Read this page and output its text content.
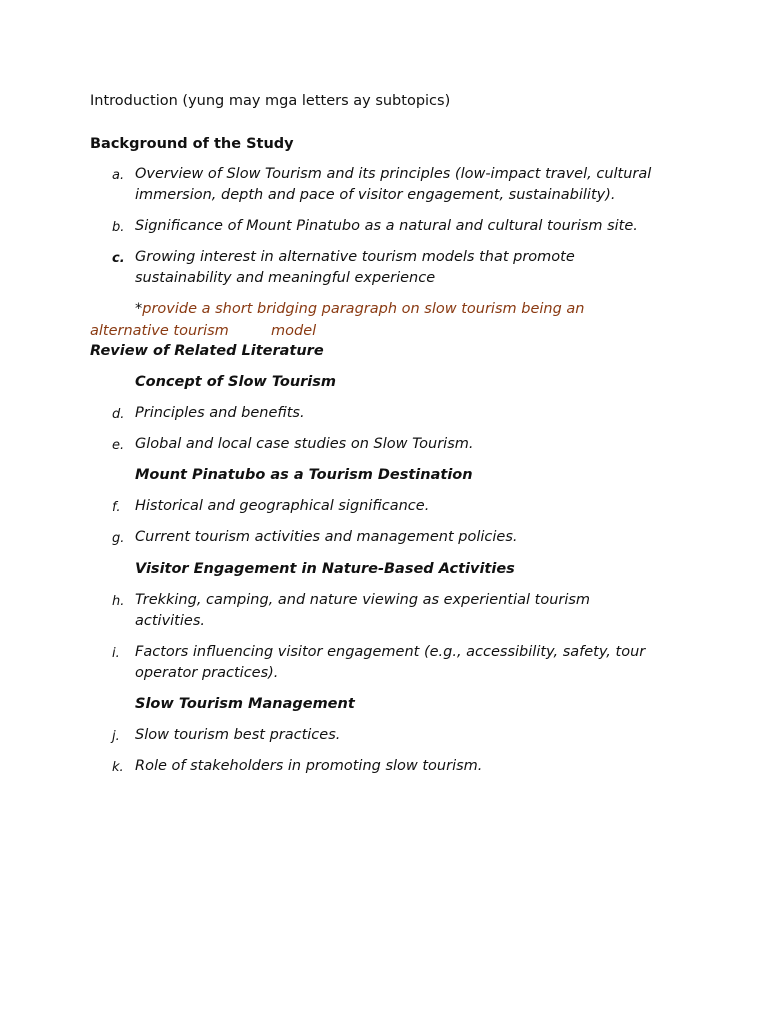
Introduction (yung may mga letters ay subtopics)
Background of the Study
a. Overview of Slow Tourism and its principles (low-impact travel, cultural immersion, depth and pace of visitor engagement, sustainability).
b. Significance of Mount Pinatubo as a natural and cultural tourism site.
c. Growing interest in alternative tourism models that promote sustainability and meaningful experience
*provide a short bridging paragraph on slow tourism being an
alternative tourism	model
Review of Related Literature
Concept of Slow Tourism
d. Principles and benefits.
e. Global and local case studies on Slow Tourism.
Mount Pinatubo as a Tourism Destination
f. Historical and geographical significance.
g. Current tourism activities and management policies.
Visitor Engagement in Nature-Based Activities
h. Trekking, camping, and nature viewing as experiential tourism activities.
i. Factors influencing visitor engagement (e.g., accessibility, safety, tour operator practices).
Slow Tourism Management
j. Slow tourism best practices.
k. Role of stakeholders in promoting slow tourism.
